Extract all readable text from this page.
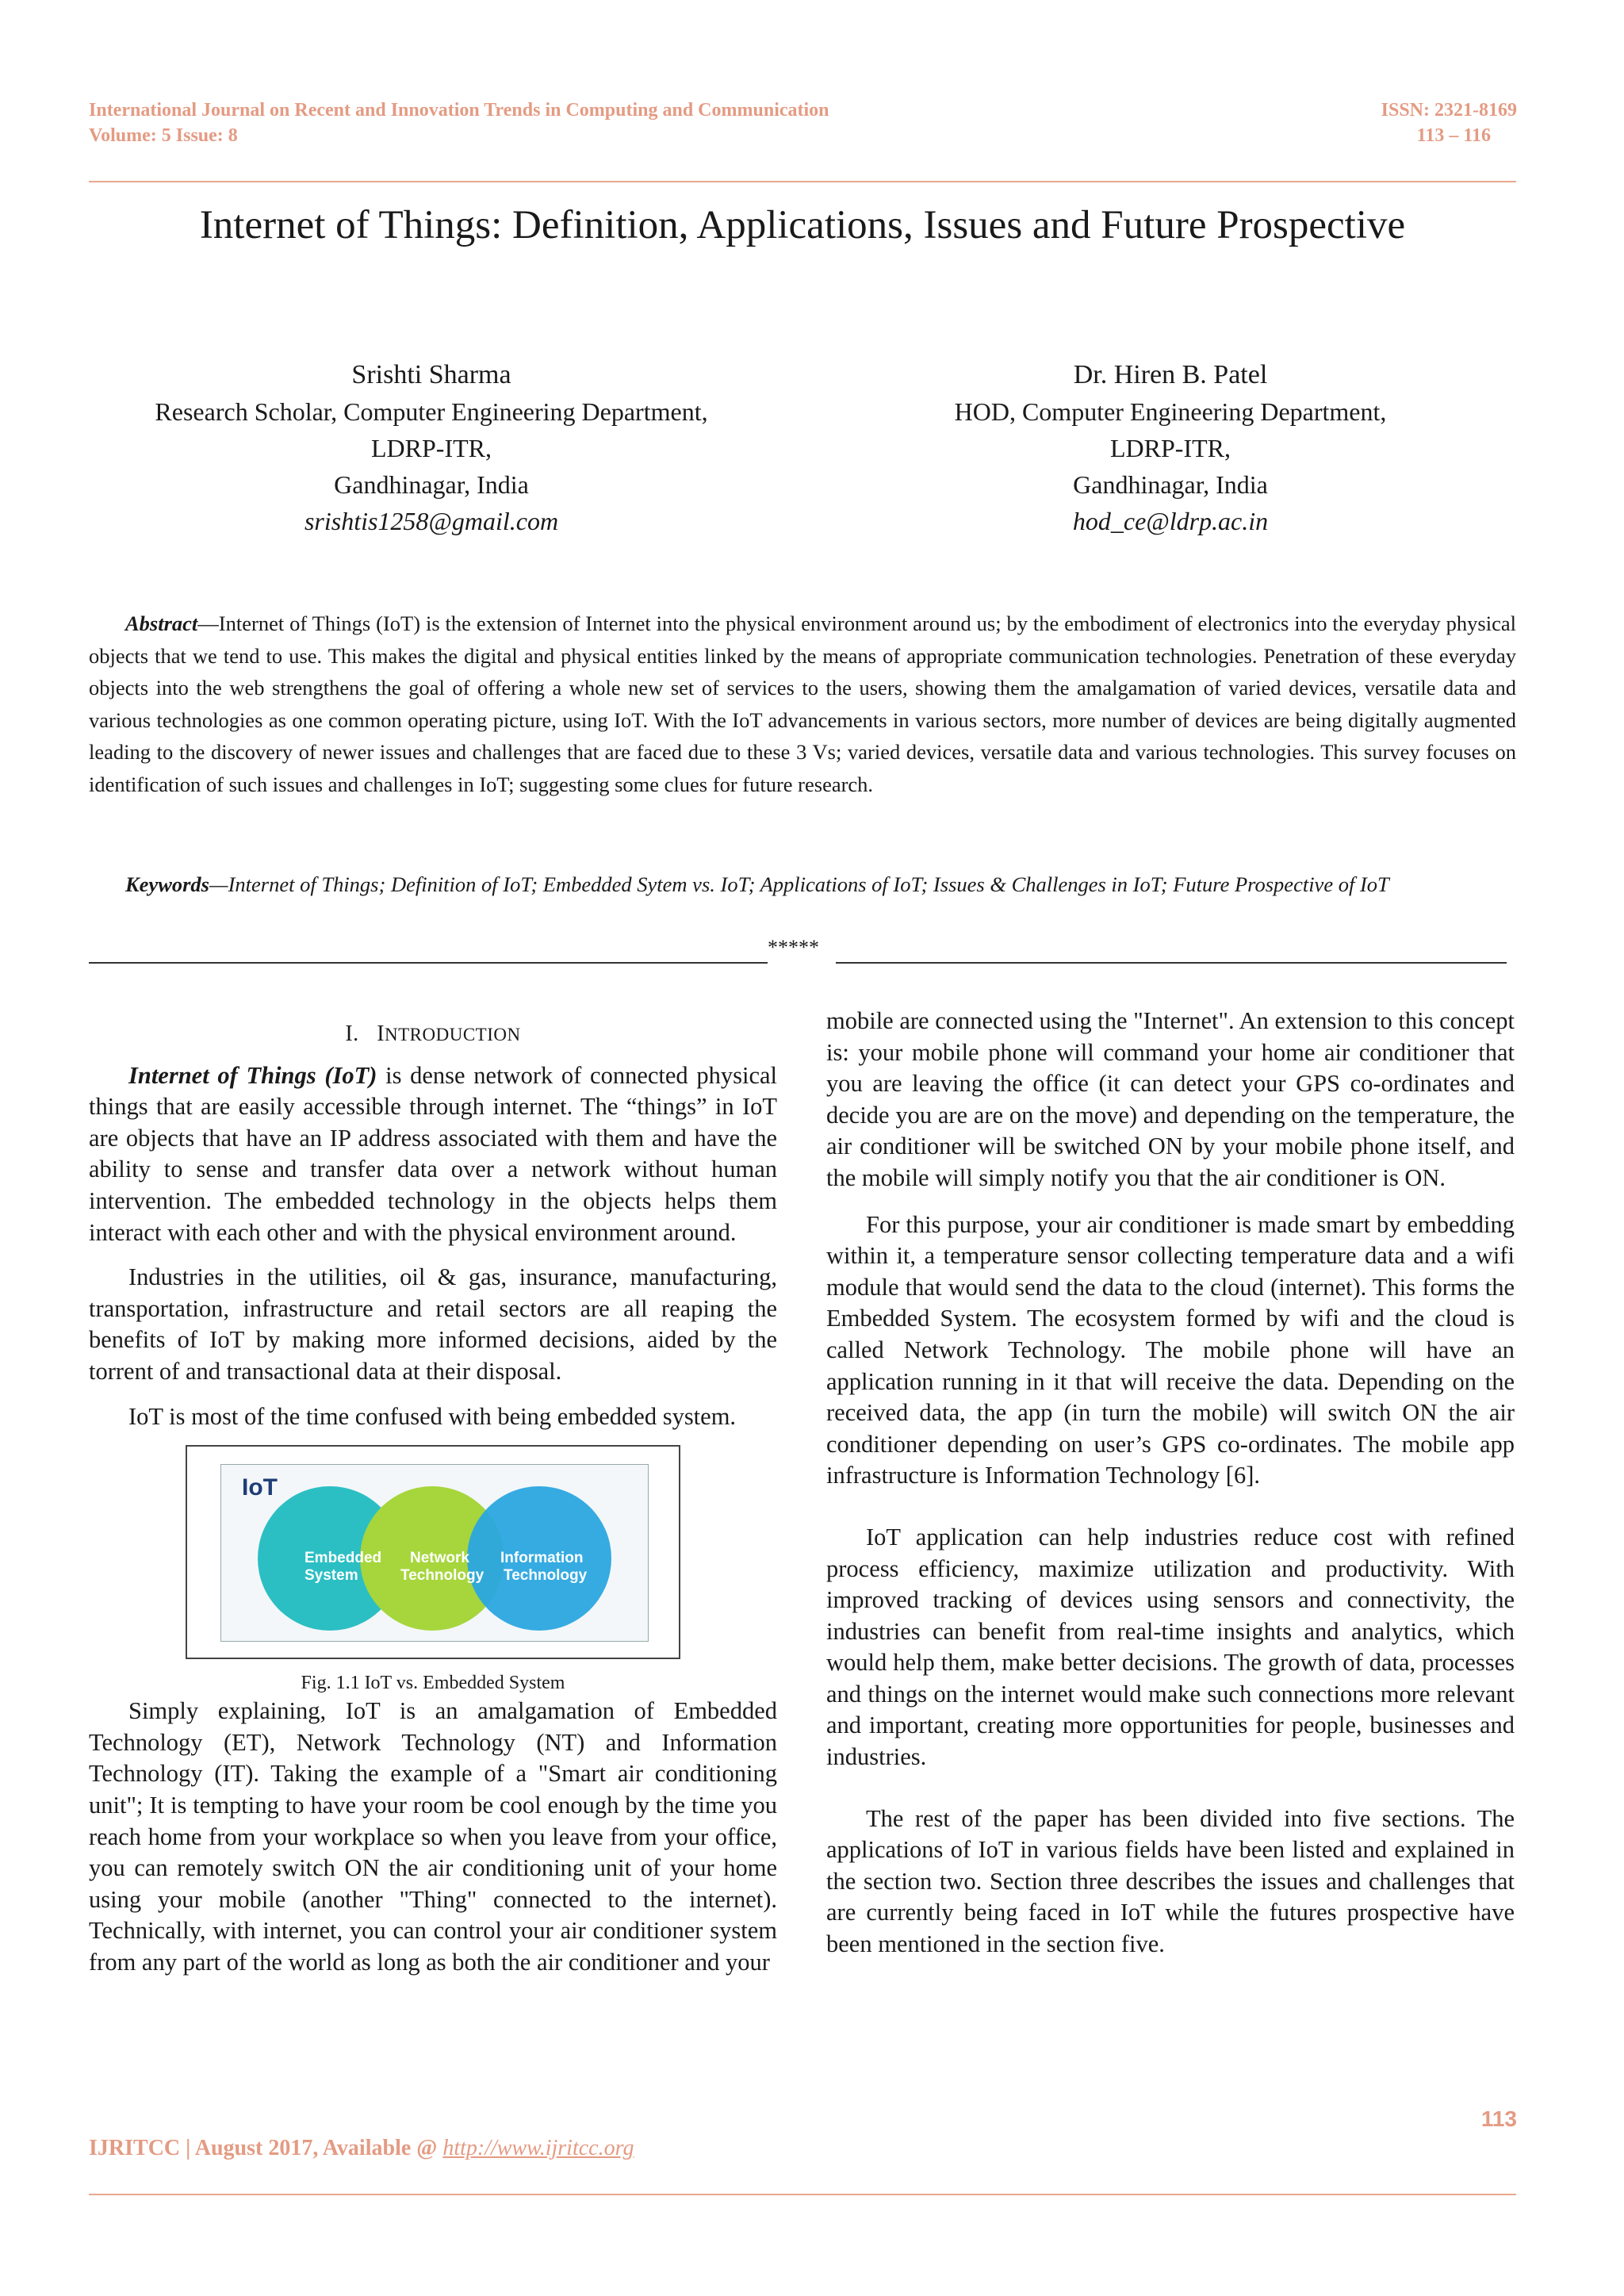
International Journal on Recent and Innovation Trends in Computing and Communication
Volume: 5 Issue: 8
ISSN: 2321-8169
113 – 116
Internet of Things: Definition, Applications, Issues and Future Prospective
Srishti Sharma
Research Scholar, Computer Engineering Department,
LDRP-ITR,
Gandhinagar, India
srishtis1258@gmail.com
Dr. Hiren B. Patel
HOD, Computer Engineering Department,
LDRP-ITR,
Gandhinagar, India
hod_ce@ldrp.ac.in
Abstract—Internet of Things (IoT) is the extension of Internet into the physical environment around us; by the embodiment of electronics into the everyday physical objects that we tend to use. This makes the digital and physical entities linked by the means of appropriate communication technologies. Penetration of these everyday objects into the web strengthens the goal of offering a whole new set of services to the users, showing them the amalgamation of varied devices, versatile data and various technologies as one common operating picture, using IoT. With the IoT advancements in various sectors, more number of devices are being digitally augmented leading to the discovery of newer issues and challenges that are faced due to these 3 Vs; varied devices, versatile data and various technologies. This survey focuses on identification of such issues and challenges in IoT; suggesting some clues for future research.
Keywords—Internet of Things; Definition of IoT; Embedded Sytem vs. IoT; Applications of IoT; Issues & Challenges in IoT; Future Prospective of IoT
*****
I. INTRODUCTION

Internet of Things (IoT) is dense network of connected physical things that are easily accessible through internet. The “things” in IoT are objects that have an IP address associated with them and have the ability to sense and transfer data over a network without human intervention. The embedded technology in the objects helps them interact with each other and with the physical environment around.

Industries in the utilities, oil & gas, insurance, manufacturing, transportation, infrastructure and retail sectors are all reaping the benefits of IoT by making more informed decisions, aided by the torrent of and transactional data at their disposal.

IoT is most of the time confused with being embedded system.

IoT
Embedded System
Network Technology
Information Technology
Fig. 1.1 IoT vs. Embedded System

Simply explaining, IoT is an amalgamation of Embedded Technology (ET), Network Technology (NT) and Information Technology (IT). Taking the example of a "Smart air conditioning unit"; It is tempting to have your room be cool enough by the time you reach home from your workplace so when you leave from your office, you can remotely switch ON the air conditioning unit of your home using your mobile (another "Thing" connected to the internet). Technically, with internet, you can control your air conditioner system from any part of the world as long as both the air conditioner and your

mobile are connected using the "Internet". An extension to this concept is: your mobile phone will command your home air conditioner that you are leaving the office (it can detect your GPS co-ordinates and decide you are are on the move) and depending on the temperature, the air conditioner will be switched ON by your mobile phone itself, and the mobile will simply notify you that the air conditioner is ON.

For this purpose, your air conditioner is made smart by embedding within it, a temperature sensor collecting temperature data and a wifi module that would send the data to the cloud (internet). This forms the Embedded System. The ecosystem formed by wifi and the cloud is called Network Technology. The mobile phone will have an application running in it that will receive the data. Depending on the received data, the app (in turn the mobile) will switch ON the air conditioner depending on user’s GPS co-ordinates. The mobile app infrastructure is Information Technology [6].

IoT application can help industries reduce cost with refined process efficiency, maximize utilization and productivity. With improved tracking of devices using sensors and connectivity, the industries can benefit from real-time insights and analytics, which would help them, make better decisions. The growth of data, processes and things on the internet would make such connections more relevant and important, creating more opportunities for people, businesses and industries.

The rest of the paper has been divided into five sections. The applications of IoT in various fields have been listed and explained in the section two. Section three describes the issues and challenges that are currently being faced in IoT while the futures prospective have been mentioned in the section five.

113
IJRITCC | August 2017, Available @ http://www.ijritcc.org
